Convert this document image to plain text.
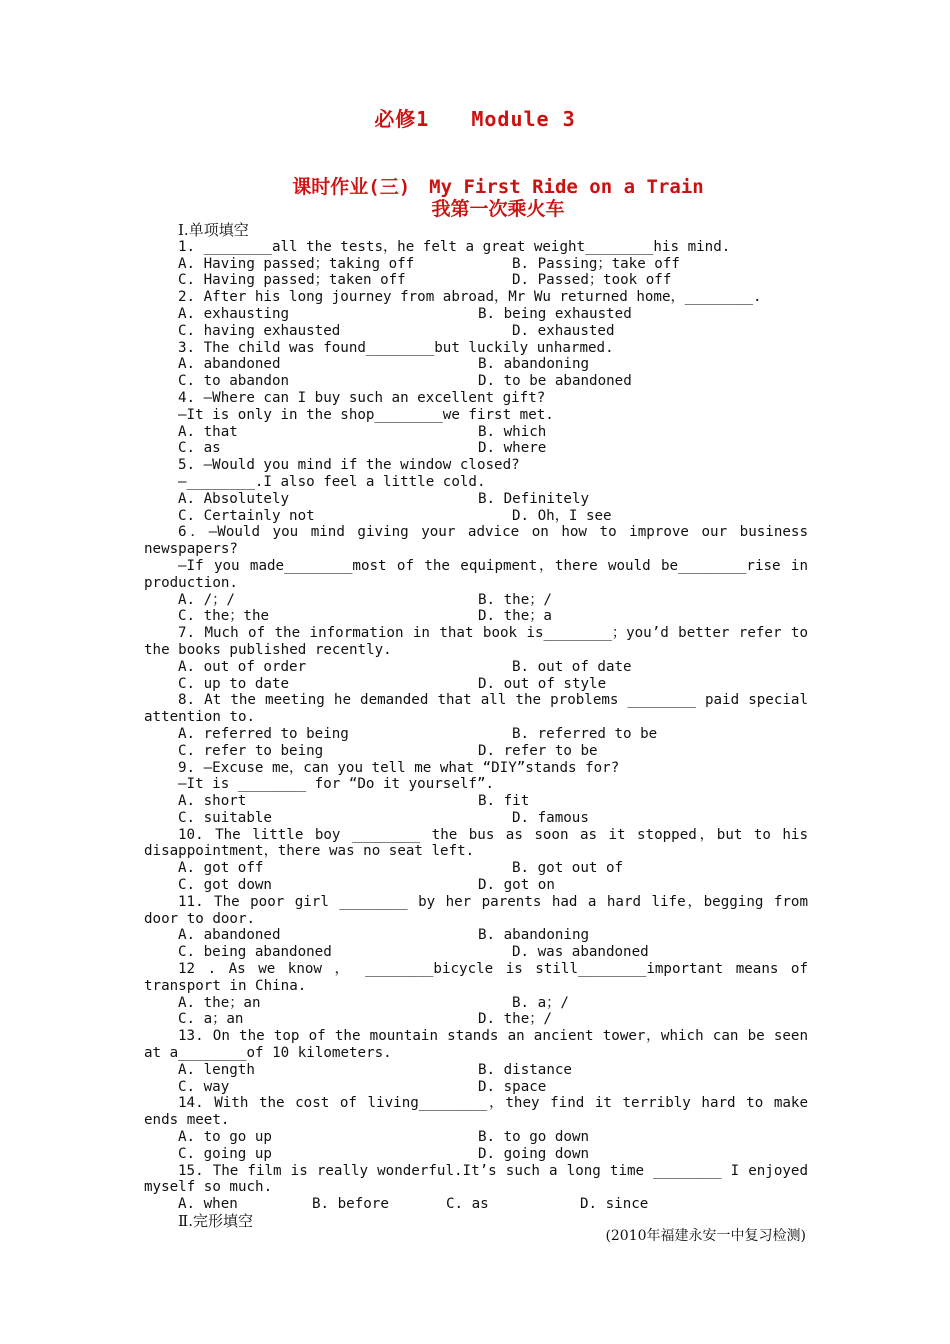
必修1　　Module 3
课时作业(三)　My First Ride on a Train
我第一次乘火车
Ⅰ.单项填空
1. ________all the tests，he felt a great weight________his mind.
A. Having passed；taking off	B. Passing；take off
C. Having passed；taken off	D. Passed；took off
2. After his long journey from abroad，Mr Wu returned home，________.
A. exhausting	B. being exhausted
C. having exhausted	D. exhausted
3. The child was found________but luckily unharmed.
A. abandoned	B. abandoning
C. to abandon	D. to be abandoned
4. —Where can I buy such an excellent gift?
—It is only in the shop________we first met.
A. that	B. which
C. as	D. where
5. —Would you mind if the window closed?
—________.I also feel a little cold.
A. Absolutely	B. Definitely
C. Certainly not	D. Oh，I see
6．—Would you mind giving your advice on how to improve our business
newspapers?
—If you made________most of the equipment，there would be________rise in
production.
A. /；/	B. the；/
C. the；the	D. the；a
7. Much of the information in that book is________；you’d better refer to
the books published recently.
A. out of order	B. out of date
C. up to date	D. out of style
8. At the meeting he demanded that all the problems ________ paid special
attention to.
A. referred to being	B. referred to be
C. refer to being	D. refer to be
9. —Excuse me，can you tell me what “DIY”stands for?
—It is ________ for “Do it yourself”.
A. short	B. fit
C. suitable	D. famous
10. The little boy ________ the bus as soon as it stopped，but to his
disappointment，there was no seat left.
A. got off	B. got out of
C. got down	D. got on
11. The poor girl ________ by her parents had a hard life，begging from
door to door.
A. abandoned	B. abandoning
C. being abandoned	D. was abandoned
12 . As we know ， ________bicycle is still________important means of
transport in China.
A. the；an	B. a；/
C. a；an	D. the；/
13. On the top of the mountain stands an ancient tower，which can be seen
at a________of 10 kilometers.
A. length	B. distance
C. way	D. space
14. With the cost of living________，they find it terribly hard to make
ends meet.
A. to go up	B. to go down
C. going up	D. going down
15. The film is really wonderful.It’s such a long time ________ I enjoyed
myself so much.
A. when	B. before	C. as	D. since
Ⅱ.完形填空
(2010年福建永安一中复习检测)
